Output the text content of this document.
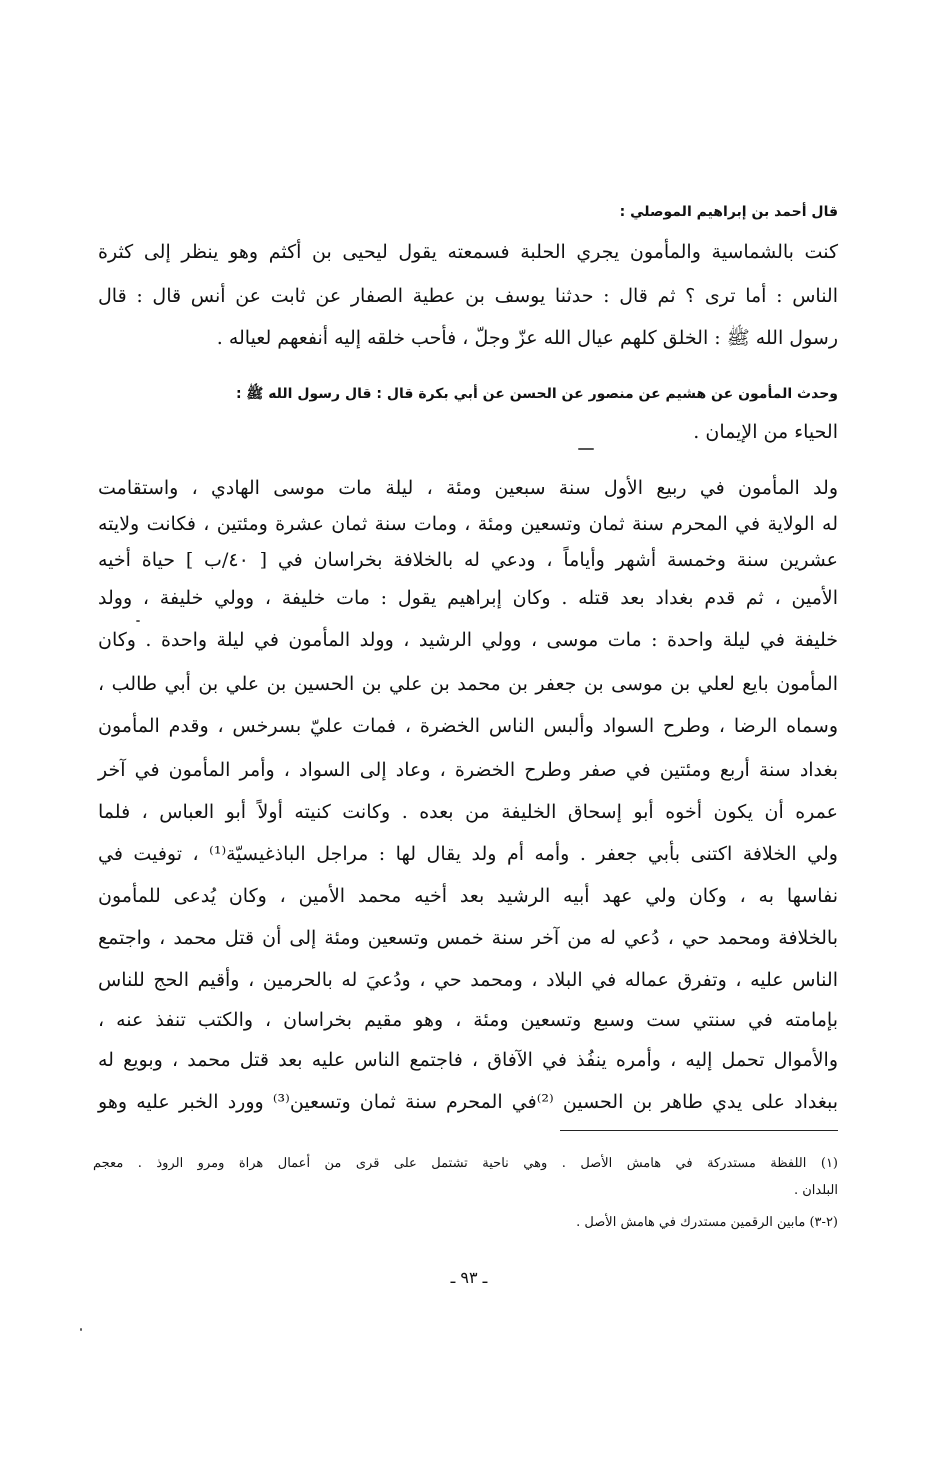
قال أحمد بن إبراهيم الموصلي :
كنت بالشماسية والمأمون يجري الحلبة فسمعته يقول ليحيى بن أكثم وهو ينظر إلى كثرة
الناس : أما ترى ؟ ثم قال : حدثنا يوسف بن عطية الصفار عن ثابت عن أنس قال : قال
رسول الله ﷺ : الخلق كلهم عيال الله عزّ وجلّ ، فأحب خلقه إليه أنفعهم لعياله .
وحدث المأمون عن هشيم عن منصور عن الحسن عن أبي بكرة قال : قال رسول الله ﷺ :
الحياء من الإيمان .
ولد المأمون في ربيع الأول سنة سبعين ومئة ، ليلة مات موسى الهادي ، واستقامت
له الولاية في المحرم سنة ثمان وتسعين ومئة ، ومات سنة ثمان عشرة ومئتين ، فكانت ولايته
عشرين سنة وخمسة أشهر وأياماً ، ودعي له بالخلافة بخراسان في [ ٤٠/ب ] حياة أخيه
الأمين ، ثم قدم بغداد بعد قتله . وكان إبراهيم يقول : مات خليفة ، وولي خليفة ، وولد
خليفة في ليلة واحدة : مات موسى ، وولي الرشيد ، وولد المأمون في ليلة واحدة . وكان
المأمون بايع لعلي بن موسى بن جعفر بن محمد بن علي بن الحسين بن علي بن أبي طالب ،
وسماه الرضا ، وطرح السواد وألبس الناس الخضرة ، فمات عليّ بسرخس ، وقدم المأمون
بغداد سنة أربع ومئتين في صفر وطرح الخضرة ، وعاد إلى السواد ، وأمر المأمون في آخر
عمره أن يكون أخوه أبو إسحاق الخليفة من بعده . وكانت كنيته أولاً أبو العباس ، فلما
ولي الخلافة اكتنى بأبي جعفر . وأمه أم ولد يقال لها : مراجل الباذغيسيّة⁽¹⁾ ، توفيت في
نفاسها به ، وكان ولي عهد أبيه الرشيد بعد أخيه محمد الأمين ، وكان يُدعى للمأمون
بالخلافة ومحمد حي ، دُعي له من آخر سنة خمس وتسعين ومئة إلى أن قتل محمد ، واجتمع
الناس عليه ، وتفرق عماله في البلاد ، ومحمد حي ، ودُعيَ له بالحرمين ، وأقيم الحج للناس
بإمامته في سنتي ست وسبع وتسعين ومئة ، وهو مقيم بخراسان ، والكتب تنفذ عنه ،
والأموال تحمل إليه ، وأمره ينفُذ في الآفاق ، فاجتمع الناس عليه بعد قتل محمد ، وبويع له
ببغداد على يدي طاهر بن الحسين ⁽²⁾في المحرم سنة ثمان وتسعين⁽³⁾ وورد الخبر عليه وهو
(١) اللفظة مستدركة في هامش الأصل . وهي ناحية تشتمل على قرى من أعمال هراة ومرو الروذ . معجم
البلدان .
(٢-٣) مابين الرقمين مستدرك في هامش الأصل .
ـ ٩٣ ـ
